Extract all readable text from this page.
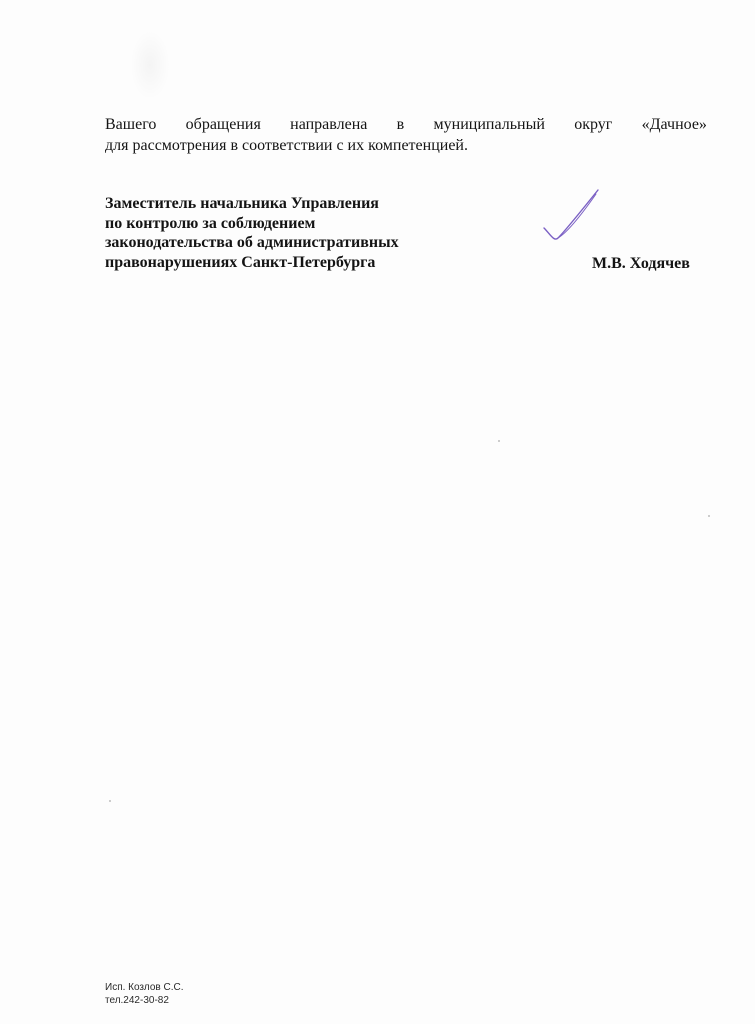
Вашего обращения направлена в муниципальный округ «Дачное»
для рассмотрения в соответствии с их компетенцией.
Заместитель начальника Управления
по контролю за соблюдением
законодательства об административных
правонарушениях Санкт-Петербурга	М.В. Ходячев
Исп. Козлов С.С.
тел.242-30-82
